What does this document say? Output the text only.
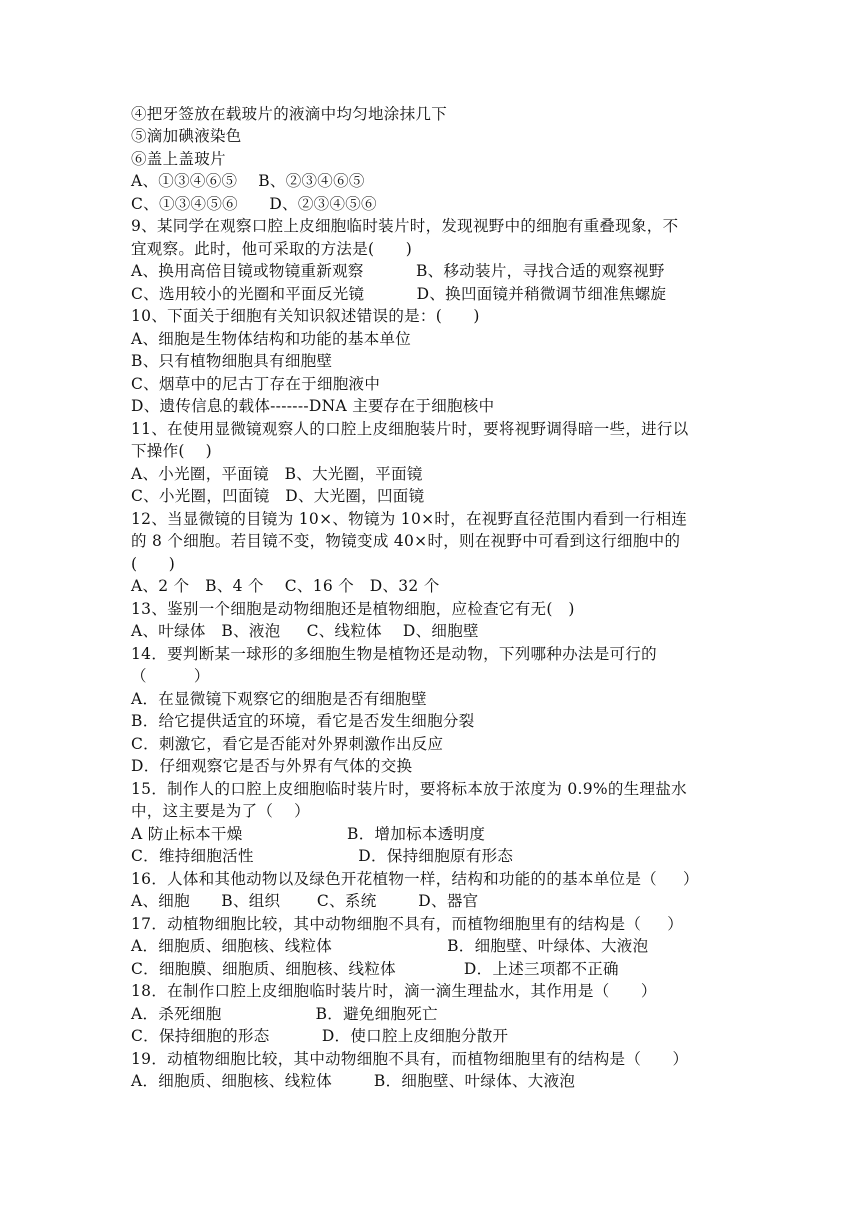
④把牙签放在载玻片的液滴中均匀地涂抹几下
⑤滴加碘液染色
⑥盖上盖玻片
A、①③④⑥⑤    B、②③④⑥⑤
C、①③④⑤⑥      D、②③④⑤⑥
9、某同学在观察口腔上皮细胞临时装片时，发现视野中的细胞有重叠现象，不
宜观察。此时，他可采取的方法是(      )
A、换用高倍目镜或物镜重新观察          B、移动装片，寻找合适的观察视野
C、选用较小的光圈和平面反光镜          D、换凹面镜并稍微调节细准焦螺旋
10、下面关于细胞有关知识叙述错误的是：(      )
A、细胞是生物体结构和功能的基本单位
B、只有植物细胞具有细胞壁
C、烟草中的尼古丁存在于细胞液中
D、遗传信息的载体-------DNA 主要存在于细胞核中
11、在使用显微镜观察人的口腔上皮细胞装片时，要将视野调得暗一些，进行以
下操作(    )
A、小光圈，平面镜   B、大光圈，平面镜
C、小光圈，凹面镜   D、大光圈，凹面镜
12、当显微镜的目镜为 10×、物镜为 10×时，在视野直径范围内看到一行相连
的 8 个细胞。若目镜不变，物镜变成 40×时，则在视野中可看到这行细胞中的
(      )
A、2 个   B、4 个    C、16 个   D、32 个
13、鉴别一个细胞是动物细胞还是植物细胞，应检查它有无(   )
A、叶绿体   B、液泡     C、线粒体    D、细胞壁
14．要判断某一球形的多细胞生物是植物还是动物，下列哪种办法是可行的
（         ）
A．在显微镜下观察它的细胞是否有细胞壁
B．给它提供适宜的环境，看它是否发生细胞分裂
C．刺激它，看它是否能对外界刺激作出反应
D．仔细观察它是否与外界有气体的交换
15．制作人的口腔上皮细胞临时装片时，要将标本放于浓度为 0.9%的生理盐水
中，这主要是为了（    ）
A 防止标本干燥                    B．增加标本透明度
C．维持细胞活性                    D．保持细胞原有形态
16．人体和其他动物以及绿色开花植物一样，结构和功能的的基本单位是（     ）
A、细胞      B、组织       C、系统        D、器官
17．动植物细胞比较，其中动物细胞不具有，而植物细胞里有的结构是（     ）
A．细胞质、细胞核、线粒体                      B．细胞壁、叶绿体、大液泡
C．细胞膜、细胞质、细胞核、线粒体             D．上述三项都不正确
18．在制作口腔上皮细胞临时装片时，滴一滴生理盐水，其作用是（      ）
A．杀死细胞                  B．避免细胞死亡
C．保持细胞的形态          D．使口腔上皮细胞分散开
19．动植物细胞比较，其中动物细胞不具有，而植物细胞里有的结构是（      ）
A．细胞质、细胞核、线粒体        B．细胞壁、叶绿体、大液泡
